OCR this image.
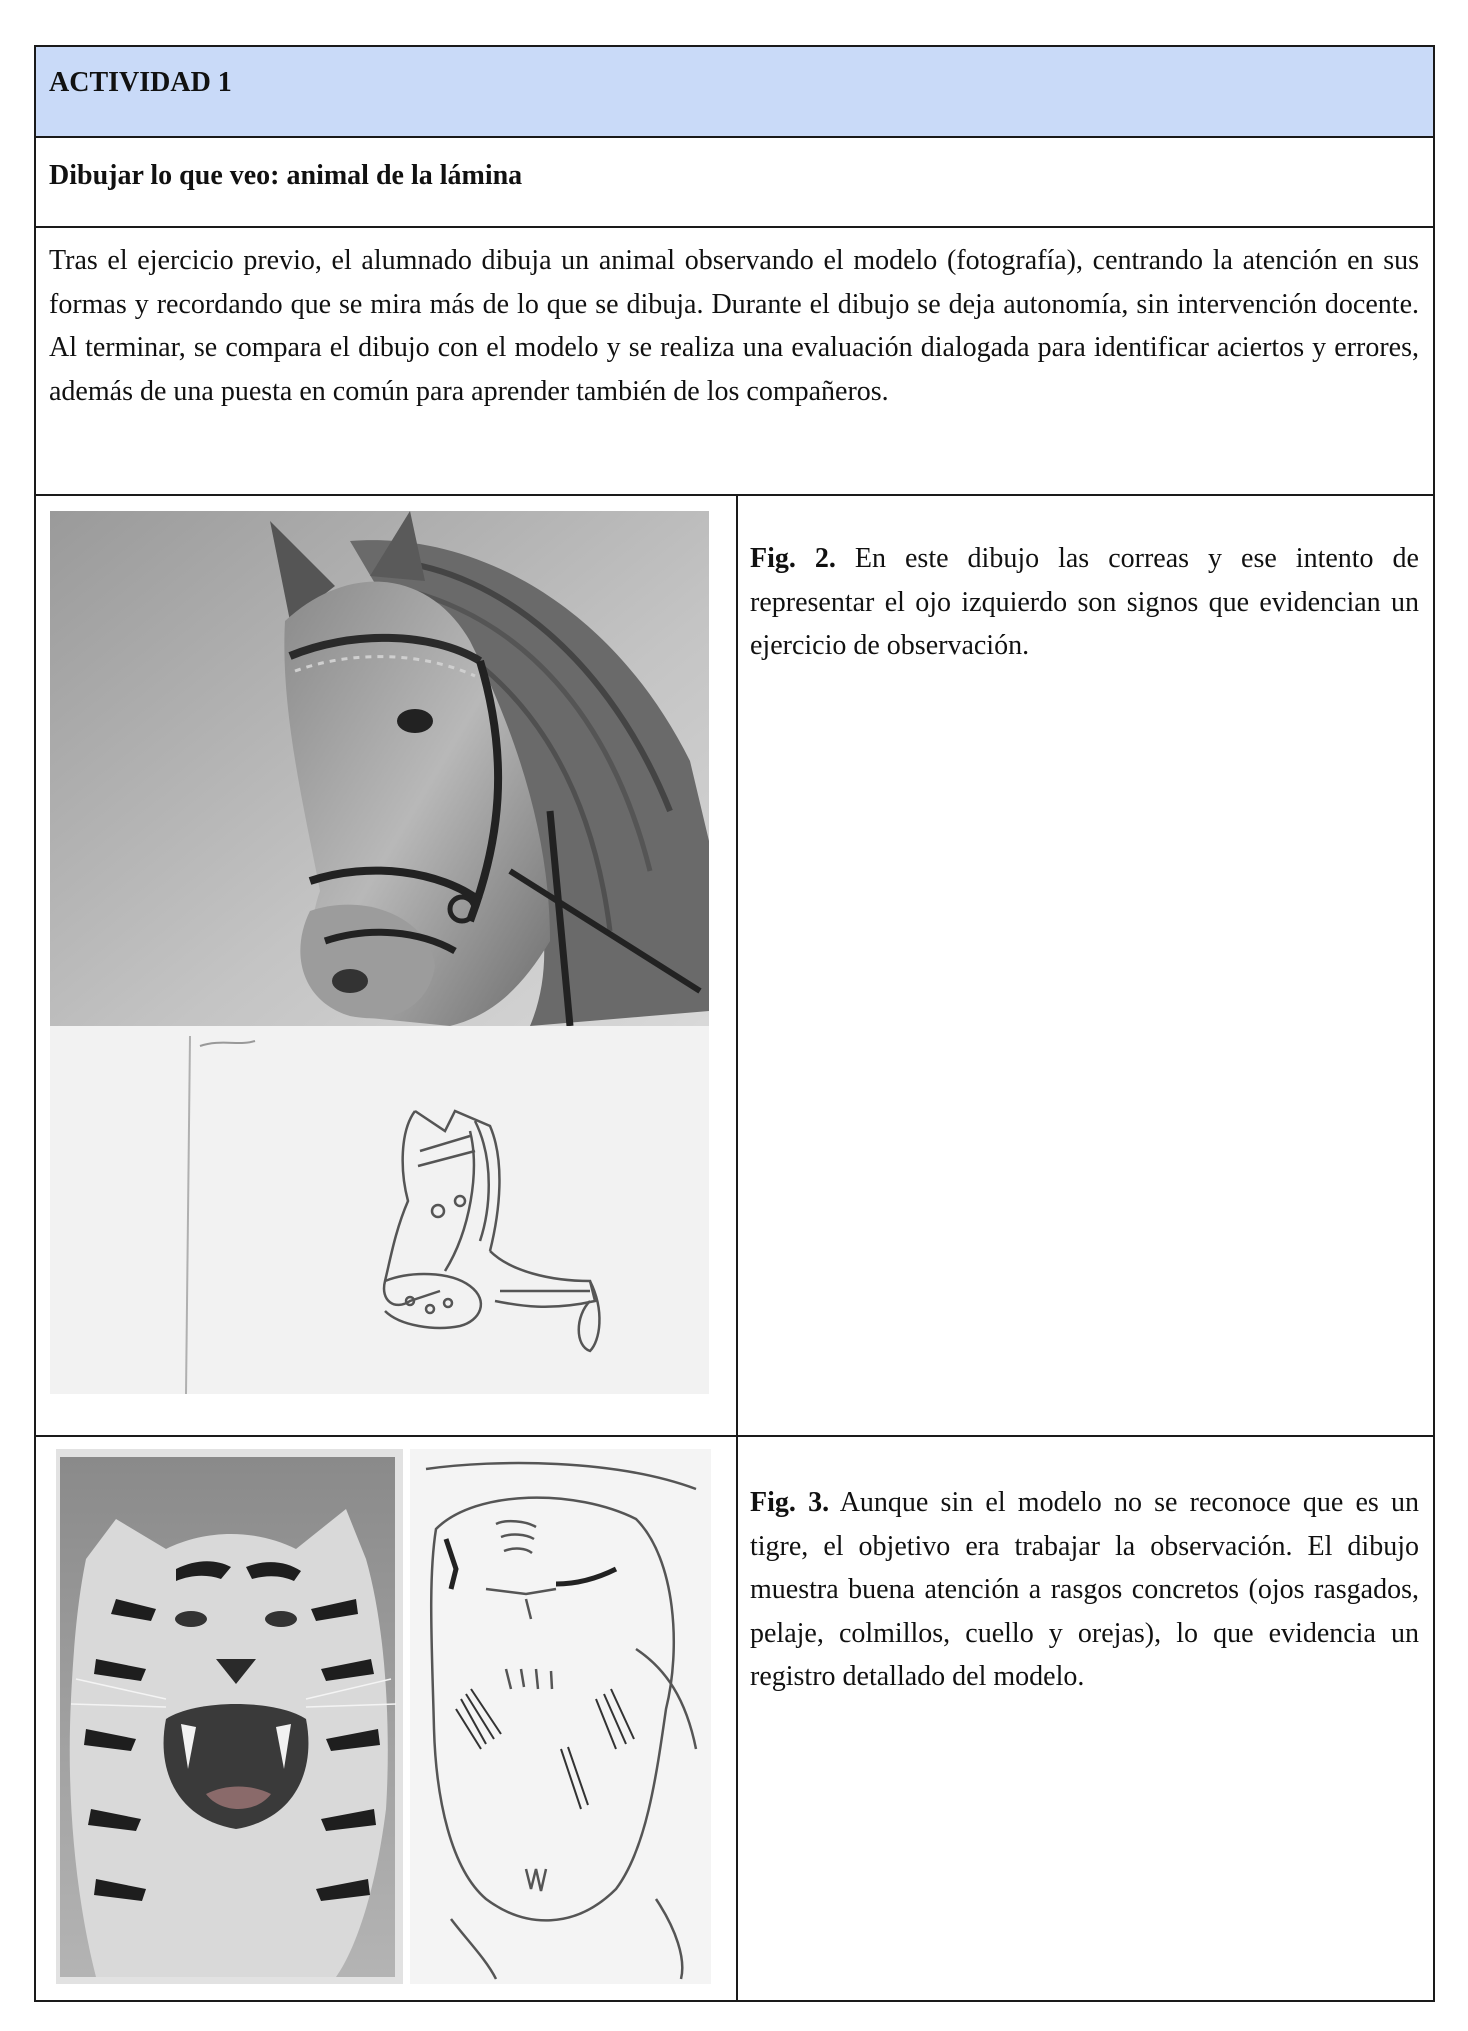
ACTIVIDAD 1
Dibujar lo que veo: animal de la lámina

Tras el ejercicio previo, el alumnado dibuja un animal observando el modelo (fotografía), centrando la atención en sus formas y recordando que se mira más de lo que se dibuja. Durante el dibujo se deja autonomía, sin intervención docente. Al terminar, se compara el dibujo con el modelo y se realiza una evaluación dialogada para identificar aciertos y errores, además de una puesta en común para aprender también de los compañeros.

Fig. 2. En este dibujo las correas y ese intento de representar el ojo izquierdo son signos que evidencian un ejercicio de observación.

Fig. 3. Aunque sin el modelo no se reconoce que es un tigre, el objetivo era trabajar la observación. El dibujo muestra buena atención a rasgos concretos (ojos rasgados, pelaje, colmillos, cuello y orejas), lo que evidencia un registro detallado del modelo.
